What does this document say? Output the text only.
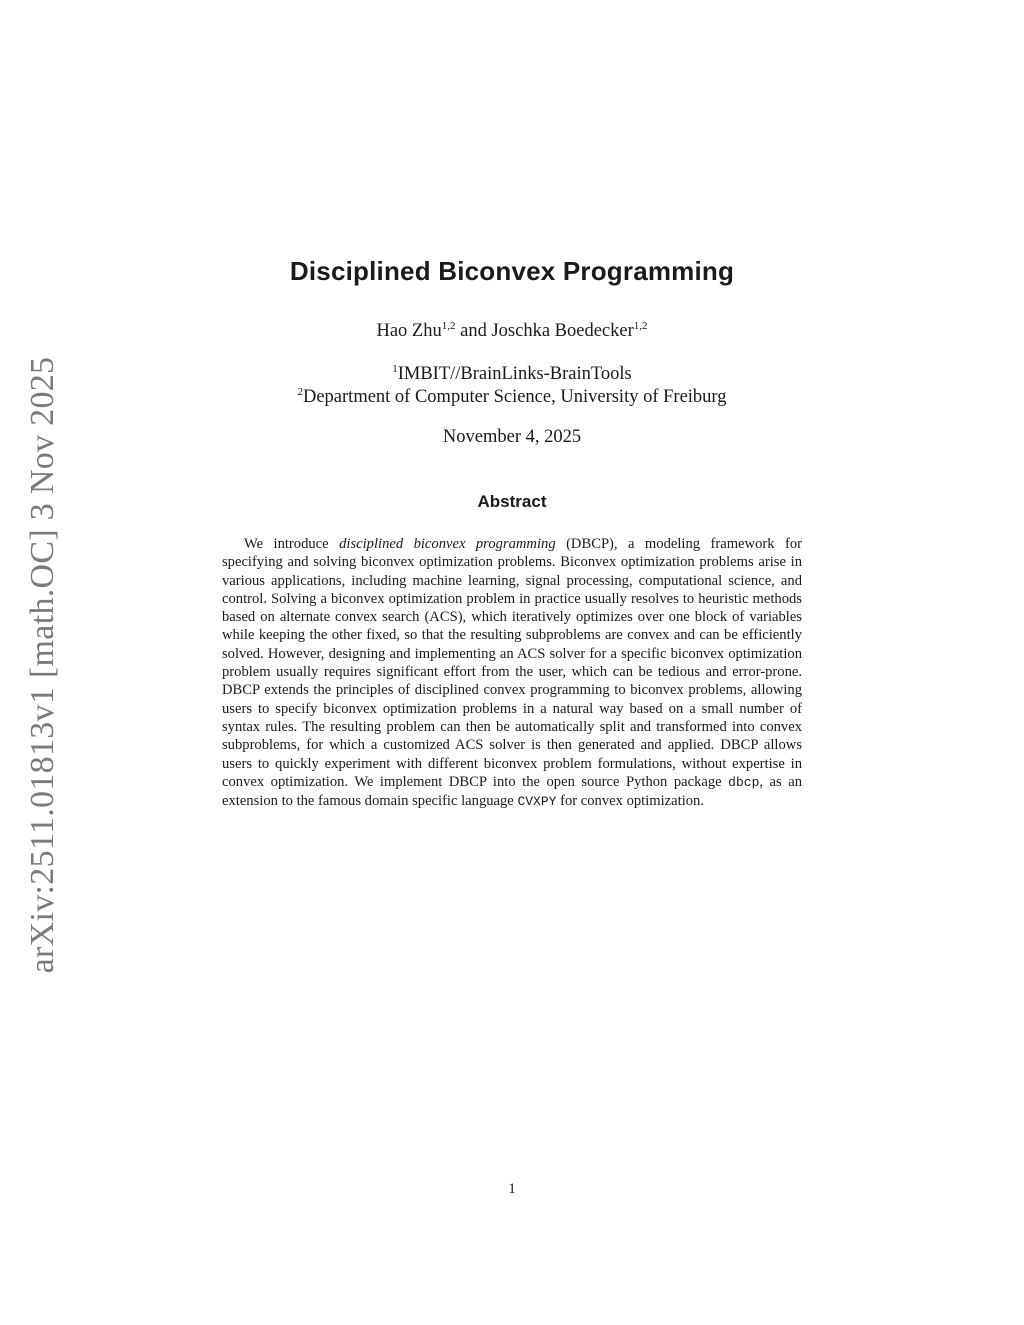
arXiv:2511.01813v1 [math.OC] 3 Nov 2025
Disciplined Biconvex Programming
Hao Zhu$^{1,2}$ and Joschka Boedecker$^{1,2}$
$^1$IMBIT//BrainLinks-BrainTools
$^2$Department of Computer Science, University of Freiburg
November 4, 2025
Abstract
We introduce disciplined biconvex programming (DBCP), a modeling framework for specifying and solving biconvex optimization problems. Biconvex optimization problems arise in various applications, including machine learning, signal processing, computational science, and control. Solving a biconvex optimization problem in practice usually resolves to heuristic methods based on alternate convex search (ACS), which iteratively optimizes over one block of variables while keeping the other fixed, so that the resulting subproblems are convex and can be efficiently solved. However, designing and implementing an ACS solver for a specific biconvex optimization problem usually requires significant effort from the user, which can be tedious and error-prone. DBCP extends the principles of disciplined convex programming to biconvex problems, allowing users to specify biconvex optimization problems in a natural way based on a small number of syntax rules. The resulting problem can then be automatically split and transformed into convex subproblems, for which a customized ACS solver is then generated and applied. DBCP allows users to quickly experiment with different biconvex problem formulations, without expertise in convex optimization. We implement DBCP into the open source Python package dbcp, as an extension to the famous domain specific language CVXPY for convex optimization.
1
